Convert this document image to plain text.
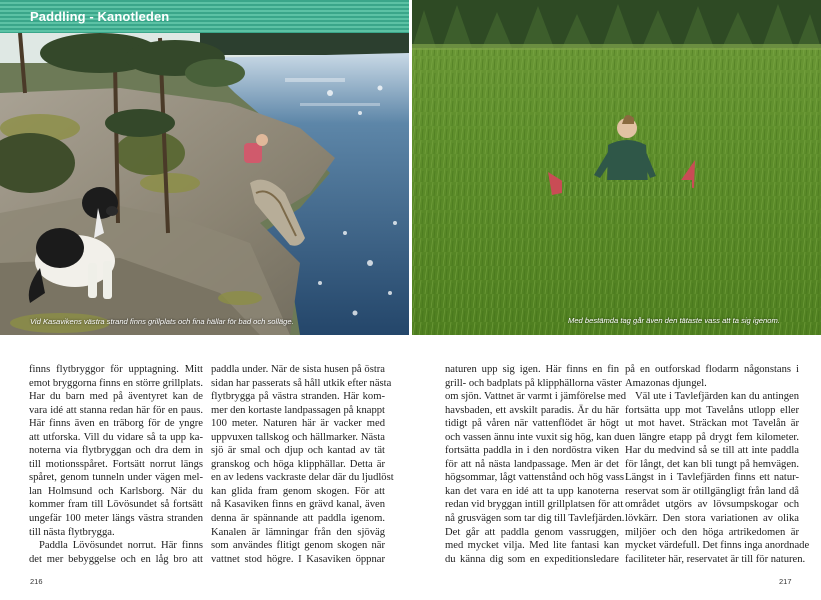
Vid Kasavikens västra strand finns grillplats och fina hällar för bad och solläge.
Paddling - Kanotleden
Med bestämda tag går även den tätaste vass att ta sig igenom.
finns flytbryggor för upptagning. Mitt
emot bryggorna finns en större grillplats.
Har du barn med på äventyret kan de
vara idé att stanna redan här för en paus.
Här finns även en träborg för de yngre
att utforska. Vill du vidare så ta upp ka-
noterna via flytbryggan och dra dem in
till motionsspåret. Fortsätt norrut längs
spåret, genom tunneln under vägen mel-
lan Holmsund och Karlsborg. När du
kommer fram till Lövösundet så fortsätt
ungefär 100 meter längs västra stranden
till nästa flytbrygga.
Paddla Lövösundet norrut. Här finns
det mer bebyggelse och en låg bro att
paddla under. När de sista husen på östra
sidan har passerats så håll utkik efter nästa
flytbrygga på västra stranden. Här kom-
mer den kortaste landpassagen på knappt
100 meter. Naturen här är vacker med
uppvuxen tallskog och hällmarker. Nästa
sjö är smal och djup och kantad av tät
granskog och höga klipphällar. Detta är
en av ledens vackraste delar där du ljudlöst
kan glida fram genom skogen. För att
nå Kasaviken finns en grävd kanal, även
denna är spännande att paddla igenom.
Kanalen är lämningar från den sjöväg
som användes flitigt genom skogen när
vattnet stod högre. I Kasaviken öppnar
naturen upp sig igen. Här finns en fin
grill- och badplats på klipphällorna väster
om sjön. Vattnet är varmt i jämförelse med
havsbaden, ett avskilt paradis. Är du här
tidigt på våren när vattenflödet är högt
och vassen ännu inte vuxit sig hög, kan du
fortsätta paddla in i den nordöstra viken
för att nå nästa landpassage. Men är det
högsommar, lågt vattenstånd och hög vass
kan det vara en idé att ta upp kanoterna
redan vid bryggan intill grillplatsen för att
nå grusvägen som tar dig till Tavlefjärden.
Det går att paddla genom vassruggen,
med mycket vilja. Med lite fantasi kan
du känna dig som en expeditionsledare
på en outforskad flodarm någonstans i
Amazonas djungel.
Väl ute i Tavlefjärden kan du antingen
fortsätta upp mot Tavelåns utlopp eller
ut mot havet. Sträckan mot Tavelån är
en längre etapp på drygt fem kilometer.
Har du medvind så se till att inte paddla
för långt, det kan bli tungt på hemvägen.
Längst in i Tavlefjärden finns ett natur-
reservat som är otillgängligt från land då
området utgörs av lövsumpskogar och
lövkärr. Den stora variationen av olika
miljöer och den höga artrikedomen är
mycket värdefull. Det finns inga anordnade
faciliteter här, reservatet är till för naturen.
216	217
